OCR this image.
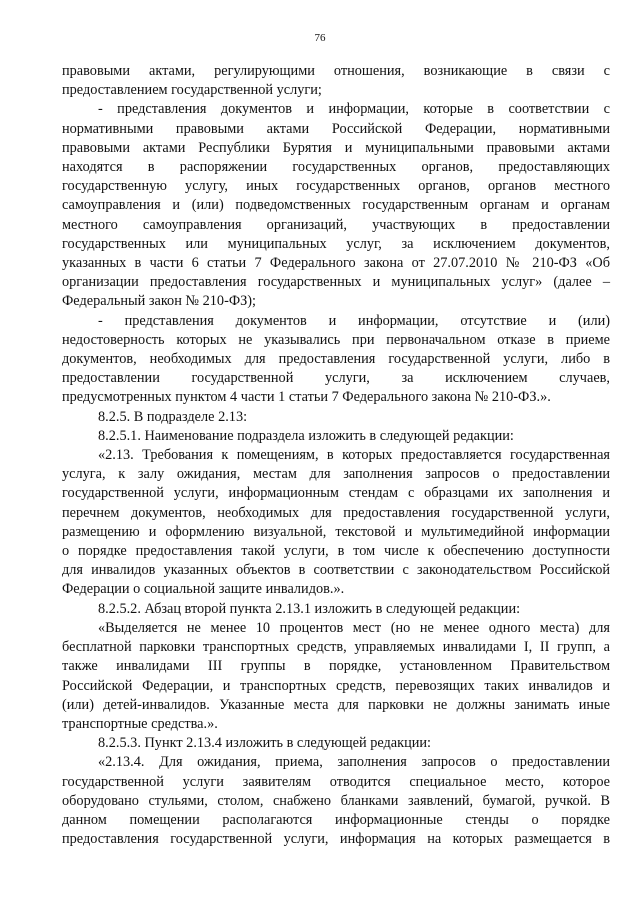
76

правовыми актами, регулирующими отношения, возникающие в связи с
предоставлением государственной услуги;

- представления документов и информации, которые в соответствии с
нормативными правовыми актами Российской Федерации, нормативными
правовыми актами Республики Бурятия и муниципальными правовыми актами
находятся в распоряжении государственных органов, предоставляющих
государственную услугу, иных государственных органов, органов местного
самоуправления и (или) подведомственных государственным органам и органам
местного самоуправления организаций, участвующих в предоставлении
государственных или муниципальных услуг, за исключением документов,
указанных в части 6 статьи 7 Федерального закона от 27.07.2010 № 210-ФЗ «Об
организации предоставления государственных и муниципальных услуг» (далее –
Федеральный закон № 210-ФЗ);

- представления документов и информации, отсутствие и (или)
недостоверность которых не указывались при первоначальном отказе в приеме
документов, необходимых для предоставления государственной услуги, либо в
предоставлении государственной услуги, за исключением случаев,
предусмотренных пунктом 4 части 1 статьи 7 Федерального закона № 210-ФЗ.».

8.2.5. В подразделе 2.13:

8.2.5.1. Наименование подраздела изложить в следующей редакции:

«2.13. Требования к помещениям, в которых предоставляется государственная
услуга, к залу ожидания, местам для заполнения запросов о предоставлении
государственной услуги, информационным стендам с образцами их заполнения и
перечнем документов, необходимых для предоставления государственной услуги,
размещению и оформлению визуальной, текстовой и мультимедийной информации
о порядке предоставления такой услуги, в том числе к обеспечению доступности
для инвалидов указанных объектов в соответствии с законодательством Российской
Федерации о социальной защите инвалидов.».

8.2.5.2. Абзац второй пункта 2.13.1 изложить в следующей редакции:

«Выделяется не менее 10 процентов мест (но не менее одного места) для
бесплатной парковки транспортных средств, управляемых инвалидами I, II групп, а
также инвалидами III группы в порядке, установленном Правительством
Российской Федерации, и транспортных средств, перевозящих таких инвалидов и
(или) детей-инвалидов. Указанные места для парковки не должны занимать иные
транспортные средства.».

8.2.5.3. Пункт 2.13.4 изложить в следующей редакции:

«2.13.4. Для ожидания, приема, заполнения запросов о предоставлении
государственной услуги заявителям отводится специальное место, которое
оборудовано стульями, столом, снабжено бланками заявлений, бумагой, ручкой. В
данном помещении располагаются информационные стенды о порядке
предоставления государственной услуги, информация на которых размещается в
